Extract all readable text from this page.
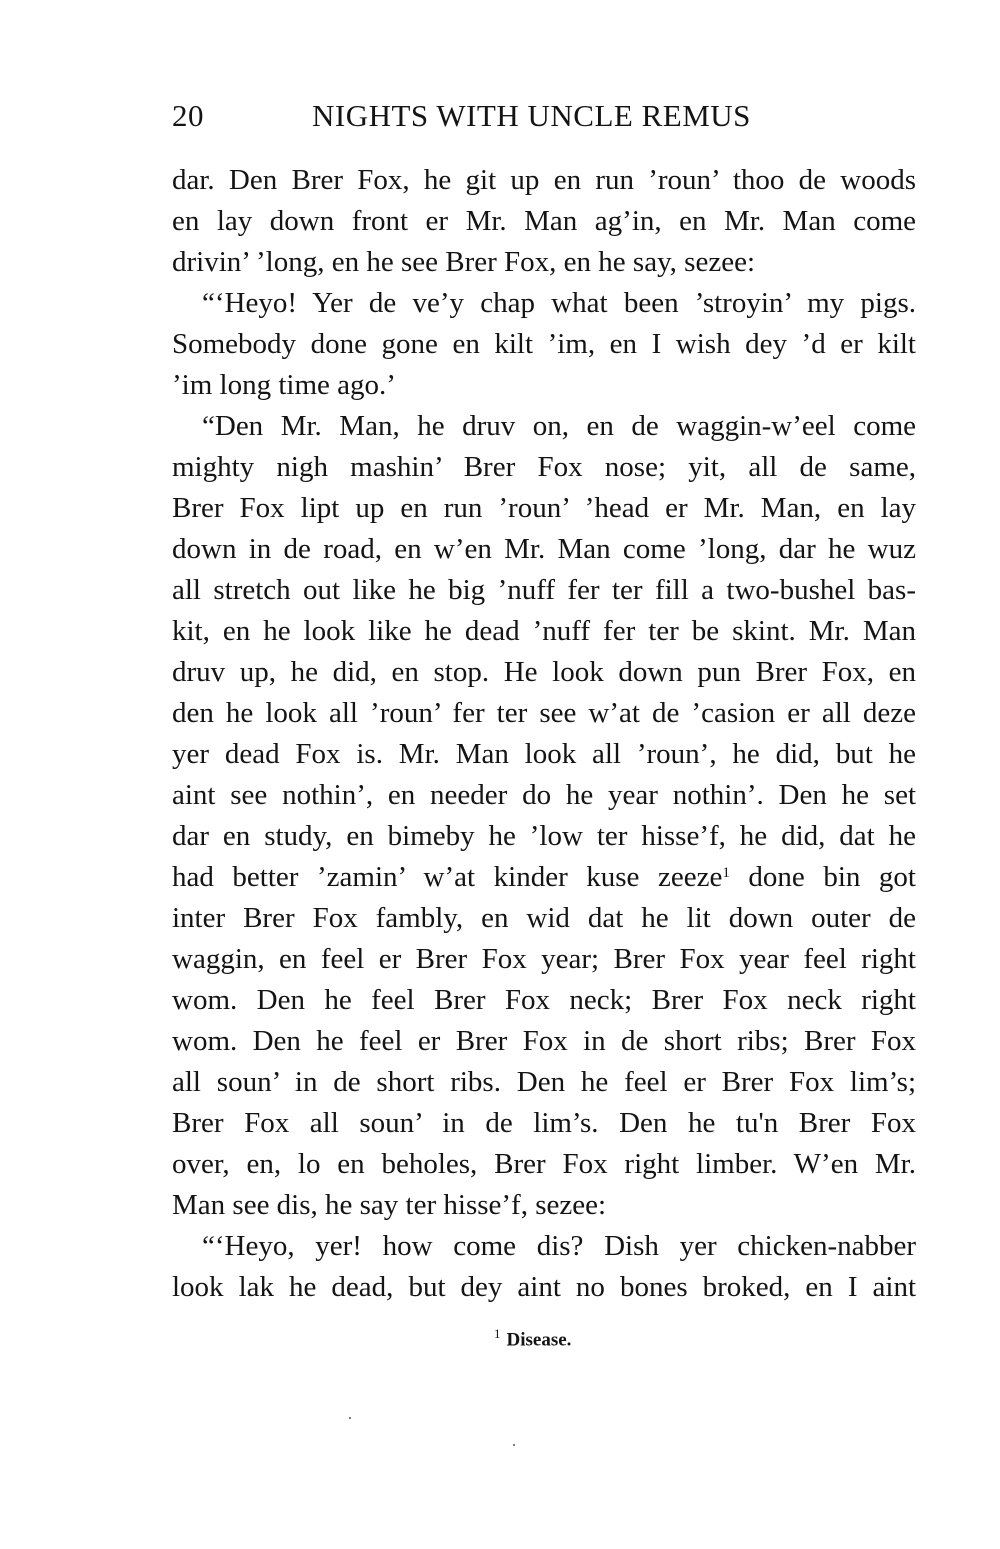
20	NIGHTS WITH UNCLE REMUS
dar. Den Brer Fox, he git up en run ’roun’ thoo de woods
en lay down front er Mr. Man ag’in, en Mr. Man come
drivin’ ’long, en he see Brer Fox, en he say, sezee:
“‘Heyo! Yer de ve’y chap what been ’stroyin’ my pigs.
Somebody done gone en kilt ’im, en I wish dey ’d er kilt
’im long time ago.’
“Den Mr. Man, he druv on, en de waggin-w’eel come
mighty nigh mashin’ Brer Fox nose; yit, all de same,
Brer Fox lipt up en run ’roun’ ’head er Mr. Man, en lay
down in de road, en w’en Mr. Man come ’long, dar he wuz
all stretch out like he big ’nuff fer ter fill a two-bushel bas-
kit, en he look like he dead ’nuff fer ter be skint. Mr. Man
druv up, he did, en stop. He look down pun Brer Fox, en
den he look all ’roun’ fer ter see w’at de ’casion er all deze
yer dead Fox is. Mr. Man look all ’roun’, he did, but he
aint see nothin’, en needer do he year nothin’. Den he set
dar en study, en bimeby he ’low ter hisse’f, he did, dat he
had better ’zamin’ w’at kinder kuse zeeze$^1$ done bin got
inter Brer Fox fambly, en wid dat he lit down outer de
waggin, en feel er Brer Fox year; Brer Fox year feel right
wom. Den he feel Brer Fox neck; Brer Fox neck right
wom. Den he feel er Brer Fox in de short ribs; Brer Fox
all soun’ in de short ribs. Den he feel er Brer Fox lim’s;
Brer Fox all soun’ in de lim’s. Den he tu'n Brer Fox
over, en, lo en beholes, Brer Fox right limber. W’en Mr.
Man see dis, he say ter hisse’f, sezee:
“‘Heyo, yer! how come dis? Dish yer chicken-nabber
look lak he dead, but dey aint no bones broked, en I aint
$^1$ Disease.
